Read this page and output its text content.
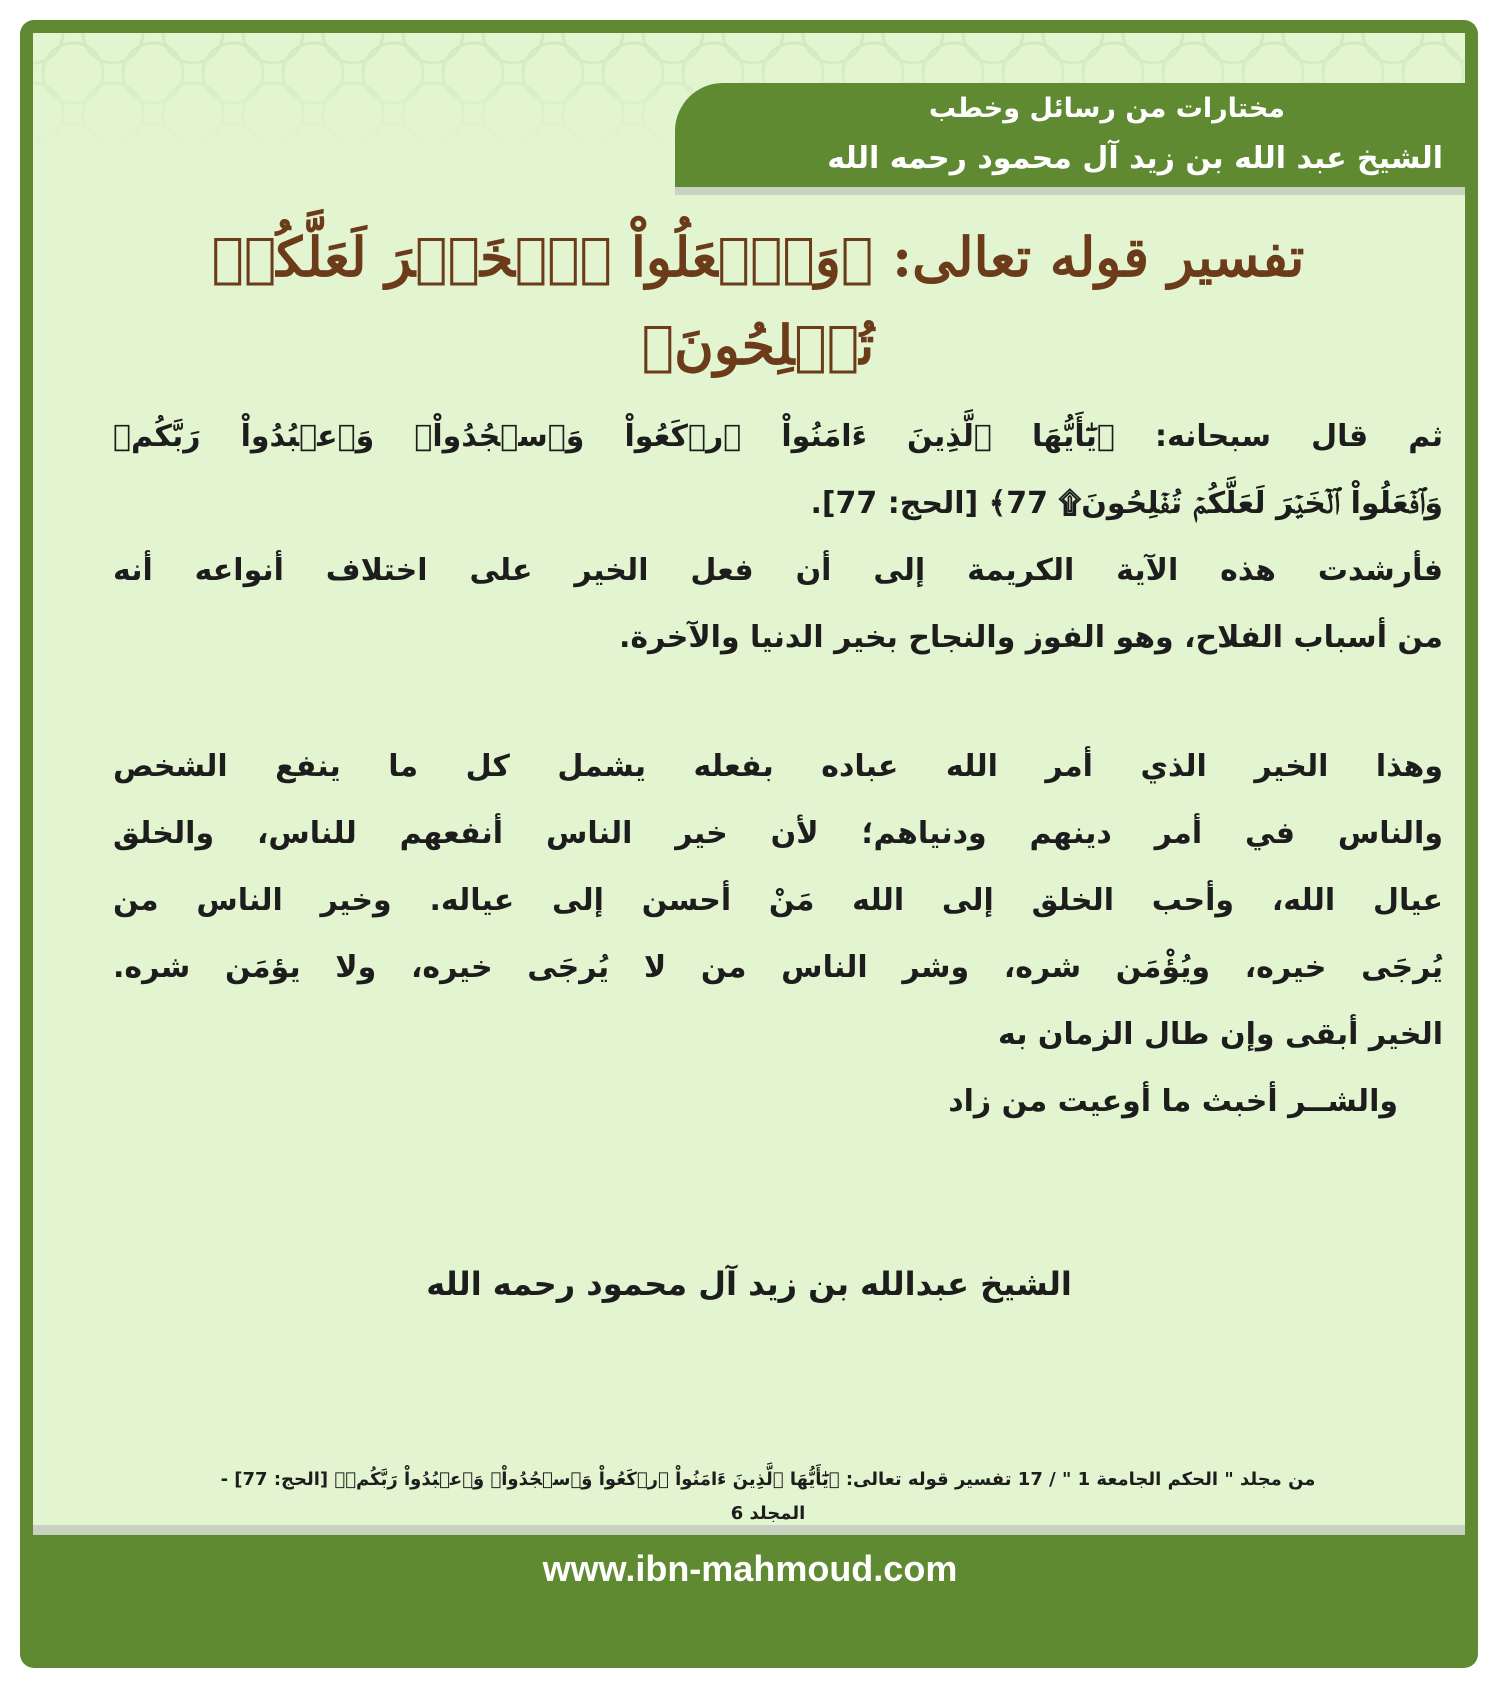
مختارات من رسائل وخطب
الشيخ عبد الله بن زيد آل محمود رحمه الله
تفسير قوله تعالى: ﴿وَٱفۡعَلُواْ ٱلۡخَيۡرَ لَعَلَّكُمۡ تُفۡلِحُونَ﴾
ثم قال سبحانه: ﴿يَٰٓأَيُّهَا ٱلَّذِينَ ءَامَنُواْ ٱرۡكَعُواْ وَٱسۡجُدُواْۤ وَٱعۡبُدُواْ رَبَّكُمۡ
وَٱفۡعَلُواْ ٱلۡخَيۡرَ لَعَلَّكُمۡ تُفۡلِحُونَ۩ 77﴾ [الحج: 77].
فأرشدت هذه الآية الكريمة إلى أن فعل الخير على اختلاف أنواعه أنه
من أسباب الفلاح، وهو الفوز والنجاح بخير الدنيا والآخرة.
وهذا الخير الذي أمر الله عباده بفعله يشمل كل ما ينفع الشخص
والناس في أمر دينهم ودنياهم؛ لأن خير الناس أنفعهم للناس، والخلق
عيال الله، وأحب الخلق إلى الله مَنْ أحسن إلى عياله. وخير الناس من
يُرجَى خيره، ويُؤْمَن شره، وشر الناس من لا يُرجَى خيره، ولا يؤمَن شره.
الخير أبقى وإن طال الزمان به
والشــر أخبث ما أوعيت من زاد
الشيخ عبدالله بن زيد آل محمود رحمه الله
من مجلد " الحكم الجامعة 1 " / 17 تفسير قوله تعالى: ﴿يَٰٓأَيُّهَا ٱلَّذِينَ ءَامَنُواْ ٱرۡكَعُواْ وَٱسۡجُدُواْۤ وَٱعۡبُدُواْ رَبَّكُمۡ﴾ [الحج: 77] -
المجلد 6
www.ibn-mahmoud.com
